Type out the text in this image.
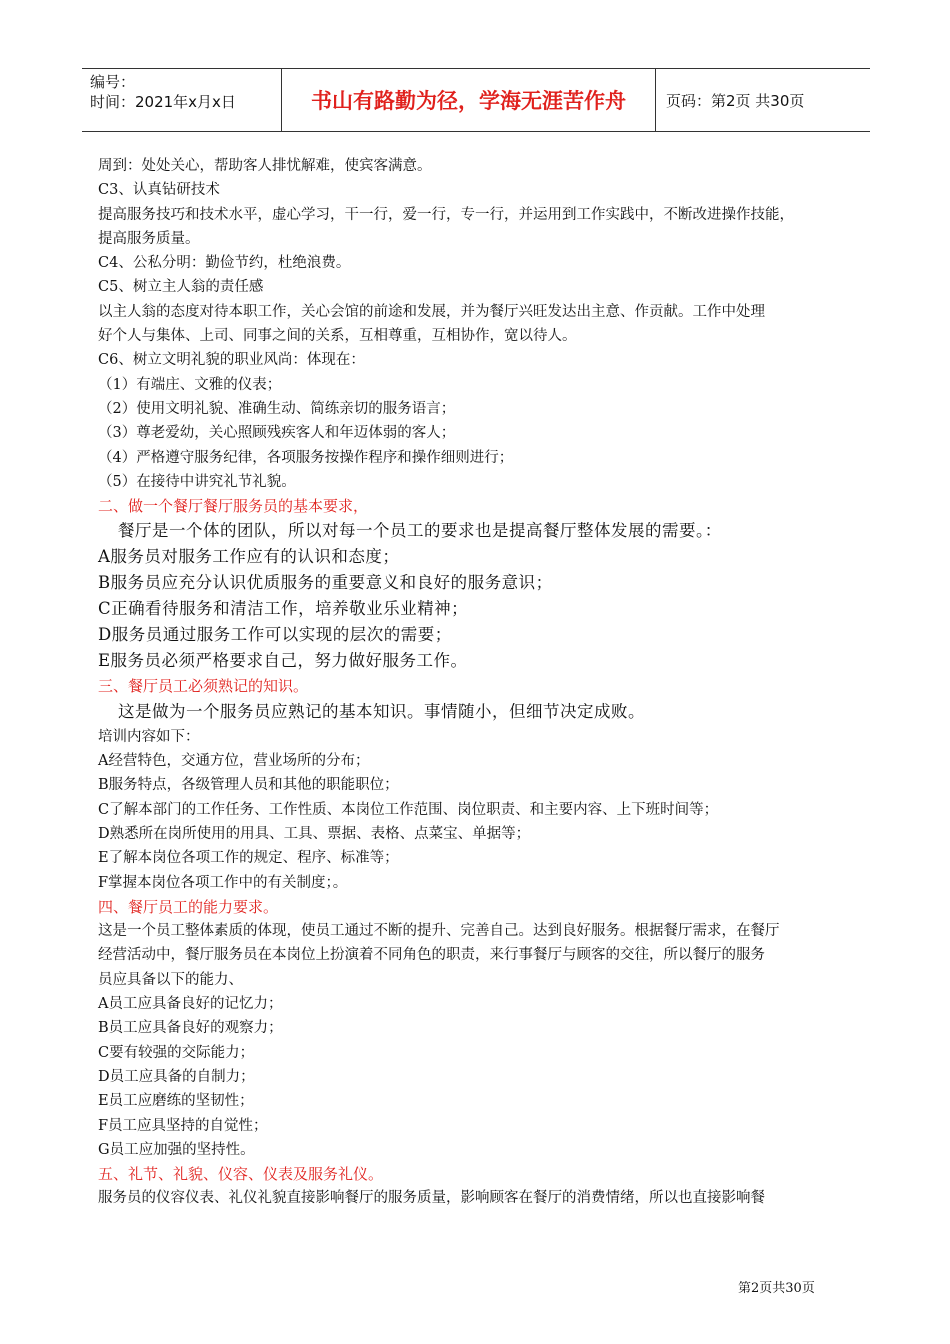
编号：
时间：2021年x月x日	书山有路勤为径，学海无涯苦作舟	页码：第2页 共30页

周到：处处关心，帮助客人排忧解难，使宾客满意。

C3、认真钻研技术

提高服务技巧和技术水平，虚心学习，干一行，爱一行，专一行，并运用到工作实践中，不断改进操作技能，

提高服务质量。

C4、公私分明：勤俭节约，杜绝浪费。

C5、树立主人翁的责任感

以主人翁的态度对待本职工作，关心会馆的前途和发展，并为餐厅兴旺发达出主意、作贡献。工作中处理

好个人与集体、上司、同事之间的关系，互相尊重，互相协作，宽以待人。

C6、树立文明礼貌的职业风尚：体现在：

（1）有端庄、文雅的仪表；

（2）使用文明礼貌、准确生动、简练亲切的服务语言；

（3）尊老爱幼，关心照顾残疾客人和年迈体弱的客人；

（4）严格遵守服务纪律，各项服务按操作程序和操作细则进行；

（5）在接待中讲究礼节礼貌。

二、做一个餐厅餐厅服务员的基本要求，

餐厅是一个体的团队，所以对每一个员工的要求也是提高餐厅整体发展的需要。：

A服务员对服务工作应有的认识和态度；

B服务员应充分认识优质服务的重要意义和良好的服务意识；

C正确看待服务和清洁工作，培养敬业乐业精神；

D服务员通过服务工作可以实现的层次的需要；

E服务员必须严格要求自己，努力做好服务工作。

三、餐厅员工必须熟记的知识。

这是做为一个服务员应熟记的基本知识。事情随小，但细节决定成败。

培训内容如下：

A经营特色，交通方位，营业场所的分布；

B服务特点，各级管理人员和其他的职能职位；

C了解本部门的工作任务、工作性质、本岗位工作范围、岗位职责、和主要内容、上下班时间等；

D熟悉所在岗所使用的用具、工具、票据、表格、点菜宝、单据等；

E了解本岗位各项工作的规定、程序、标准等；

F掌握本岗位各项工作中的有关制度；。

四、餐厅员工的能力要求。

这是一个员工整体素质的体现，使员工通过不断的提升、完善自己。达到良好服务。根据餐厅需求，在餐厅

经营活动中，餐厅服务员在本岗位上扮演着不同角色的职责，来行事餐厅与顾客的交往，所以餐厅的服务

员应具备以下的能力、

A员工应具备良好的记忆力；

B员工应具备良好的观察力；

C要有较强的交际能力；

D员工应具备的自制力；

E员工应磨练的坚韧性；

F员工应具坚持的自觉性；

G员工应加强的坚持性。

五、礼节、礼貌、仪容、仪表及服务礼仪。

服务员的仪容仪表、礼仪礼貌直接影响餐厅的服务质量，影响顾客在餐厅的消费情绪，所以也直接影响餐

第2页共30页
